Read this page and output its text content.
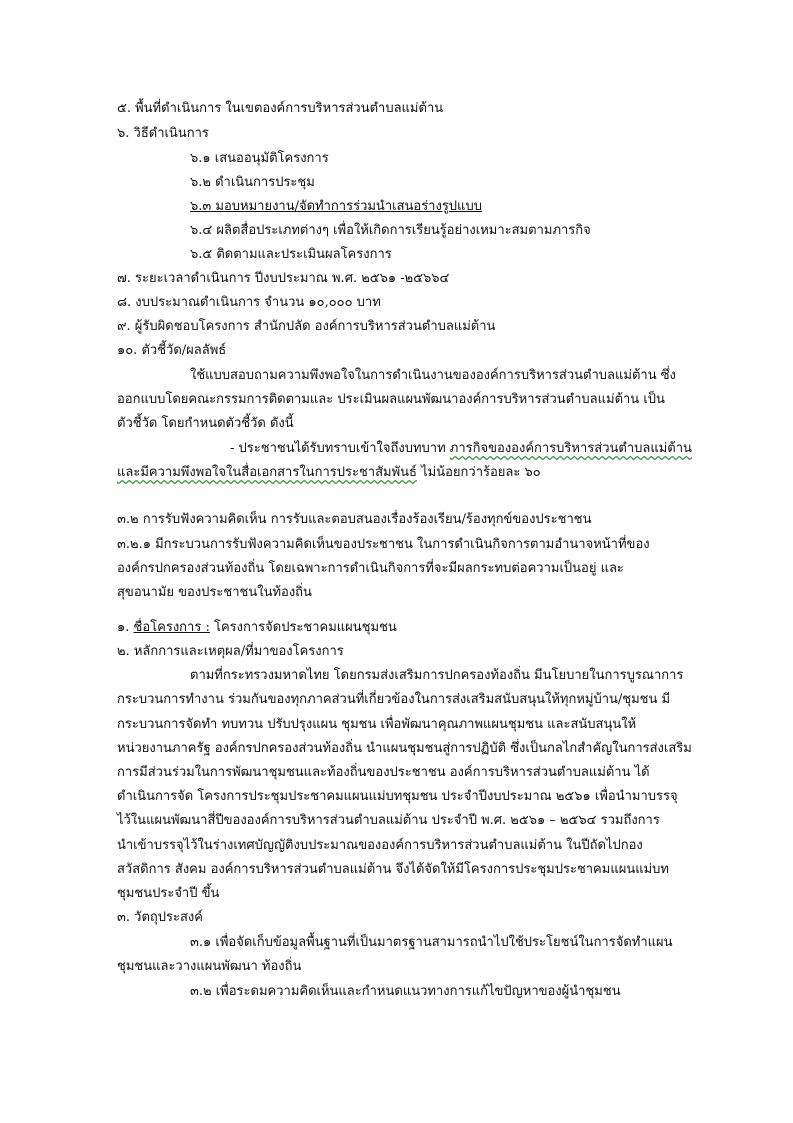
๕. พื้นที่ดำเนินการ ในเขตองค์การบริหารส่วนตำบลแม่ต้าน
๖. วิธีดำเนินการ
๖.๑ เสนออนุมัติโครงการ
๖.๒ ดำเนินการประชุม
๖.๓ มอบหมายงาน/จัดทำการร่วมนำเสนอร่างรูปแบบ
๖.๔ ผลิตสื่อประเภทต่างๆ เพื่อให้เกิดการเรียนรู้อย่างเหมาะสมตามภารกิจ
๖.๕ ติดตามและประเมินผลโครงการ
๗. ระยะเวลาดำเนินการ ปีงบประมาณ พ.ศ. ๒๕๖๑ -๒๕๖๖๔
๘. งบประมาณดำเนินการ จำนวน ๑๐,๐๐๐ บาท
๙. ผู้รับผิดชอบโครงการ สำนักปลัด องค์การบริหารส่วนตำบลแม่ต้าน
๑๐. ตัวชี้วัด/ผลลัพธ์
ใช้แบบสอบถามความพึงพอใจในการดำเนินงานขององค์การบริหารส่วนตำบลแม่ต้าน ซึ่ง
ออกแบบโดยคณะกรรมการติดตามและ ประเมินผลแผนพัฒนาองค์การบริหารส่วนตำบลแม่ต้าน เป็น
ตัวชี้วัด โดยกำหนดตัวชี้วัด ดังนี้
- ประชาชนได้รับทราบเข้าใจถึงบทบาท ภารกิจขององค์การบริหารส่วนตำบลแม่ต้าน
และมีความพึงพอใจในสื่อเอกสารในการประชาสัมพันธ์ ไม่น้อยกว่าร้อยละ ๖๐
๓.๒ การรับฟังความคิดเห็น การรับและตอบสนองเรื่องร้องเรียน/ร้องทุกข์ของประชาชน
๓.๒.๑ มีกระบวนการรับฟังความคิดเห็นของประชาชน ในการดำเนินกิจการตามอำนาจหน้าที่ของ
องค์กรปกครองส่วนท้องถิ่น โดยเฉพาะการดำเนินกิจการที่จะมีผลกระทบต่อความเป็นอยู่ และ
สุขอนามัย ของประชาชนในท้องถิ่น
๑. ชื่อโครงการ : โครงการจัดประชาคมแผนชุมชน
๒. หลักการและเหตุผล/ที่มาของโครงการ
ตามที่กระทรวงมหาดไทย โดยกรมส่งเสริมการปกครองท้องถิ่น มีนโยบายในการบูรณาการ
กระบวนการทำงาน ร่วมกันของทุกภาคส่วนที่เกี่ยวข้องในการส่งเสริมสนับสนุนให้ทุกหมู่บ้าน/ชุมชน มี
กระบวนการจัดทำ ทบทวน ปรับปรุงแผน ชุมชน เพื่อพัฒนาคุณภาพแผนชุมชน และสนับสนุนให้
หน่วยงานภาครัฐ องค์กรปกครองส่วนท้องถิ่น นำแผนชุมชนสู่การปฏิบัติ ซึ่งเป็นกลไกสำคัญในการส่งเสริม
การมีส่วนร่วมในการพัฒนาชุมชนและท้องถิ่นของประชาชน องค์การบริหารส่วนตำบลแม่ต้าน ได้
ดำเนินการจัด โครงการประชุมประชาคมแผนแม่บทชุมชน ประจำปีงบประมาณ ๒๕๖๑ เพื่อนำมาบรรจุ
ไว้ในแผนพัฒนาสี่ปีขององค์การบริหารส่วนตำบลแม่ต้าน ประจำปี พ.ศ. ๒๕๖๑ – ๒๕๖๔ รวมถึงการ
นำเข้าบรรจุไว้ในร่างเทศบัญญัติงบประมาณขององค์การบริหารส่วนตำบลแม่ต้าน ในปีถัดไปกอง
สวัสดิการ สังคม องค์การบริหารส่วนตำบลแม่ต้าน จึงได้จัดให้มีโครงการประชุมประชาคมแผนแม่บท
ชุมชนประจำปี ขึ้น
๓. วัตถุประสงค์
๓.๑ เพื่อจัดเก็บข้อมูลพื้นฐานที่เป็นมาตรฐานสามารถนำไปใช้ประโยชน์ในการจัดทำแผน
ชุมชนและวางแผนพัฒนา ท้องถิ่น
๓.๒ เพื่อระดมความคิดเห็นและกำหนดแนวทางการแก้ไขปัญหาของผู้นำชุมชน
